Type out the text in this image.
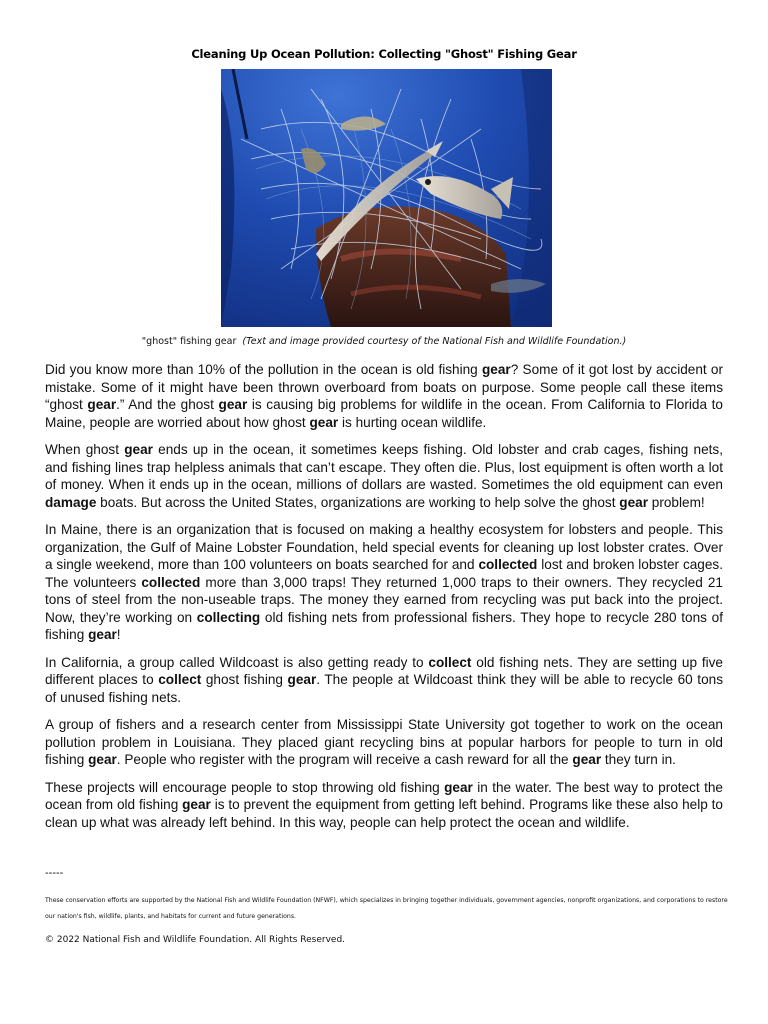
Cleaning Up Ocean Pollution: Collecting "Ghost" Fishing Gear
"ghost" fishing gear (Text and image provided courtesy of the National Fish and Wildlife Foundation.)

Did you know more than 10% of the pollution in the ocean is old fishing gear? Some of it got lost by accident or mistake. Some of it might have been thrown overboard from boats on purpose. Some people call these items “ghost gear.” And the ghost gear is causing big problems for wildlife in the ocean. From California to Florida to Maine, people are worried about how ghost gear is hurting ocean wildlife.

When ghost gear ends up in the ocean, it sometimes keeps fishing. Old lobster and crab cages, fishing nets, and fishing lines trap helpless animals that can’t escape. They often die. Plus, lost equipment is often worth a lot of money. When it ends up in the ocean, millions of dollars are wasted. Sometimes the old equipment can even damage boats. But across the United States, organizations are working to help solve the ghost gear problem!

In Maine, there is an organization that is focused on making a healthy ecosystem for lobsters and people. This organization, the Gulf of Maine Lobster Foundation, held special events for cleaning up lost lobster crates. Over a single weekend, more than 100 volunteers on boats searched for and collected lost and broken lobster cages. The volunteers collected more than 3,000 traps! They returned 1,000 traps to their owners. They recycled 21 tons of steel from the non-useable traps. The money they earned from recycling was put back into the project. Now, they’re working on collecting old fishing nets from professional fishers. They hope to recycle 280 tons of fishing gear!

In California, a group called Wildcoast is also getting ready to collect old fishing nets. They are setting up five different places to collect ghost fishing gear. The people at Wildcoast think they will be able to recycle 60 tons of unused fishing nets.

A group of fishers and a research center from Mississippi State University got together to work on the ocean pollution problem in Louisiana. They placed giant recycling bins at popular harbors for people to turn in old fishing gear. People who register with the program will receive a cash reward for all the gear they turn in.

These projects will encourage people to stop throwing old fishing gear in the water. The best way to protect the ocean from old fishing gear is to prevent the equipment from getting left behind. Programs like these also help to clean up what was already left behind. In this way, people can help protect the ocean and wildlife.

-----
These conservation efforts are supported by the National Fish and Wildlife Foundation (NFWF), which specializes in bringing together individuals, government agencies, nonprofit organizations, and corporations to restore our nation's fish, wildlife, plants, and habitats for current and future generations.
© 2022 National Fish and Wildlife Foundation. All Rights Reserved.
